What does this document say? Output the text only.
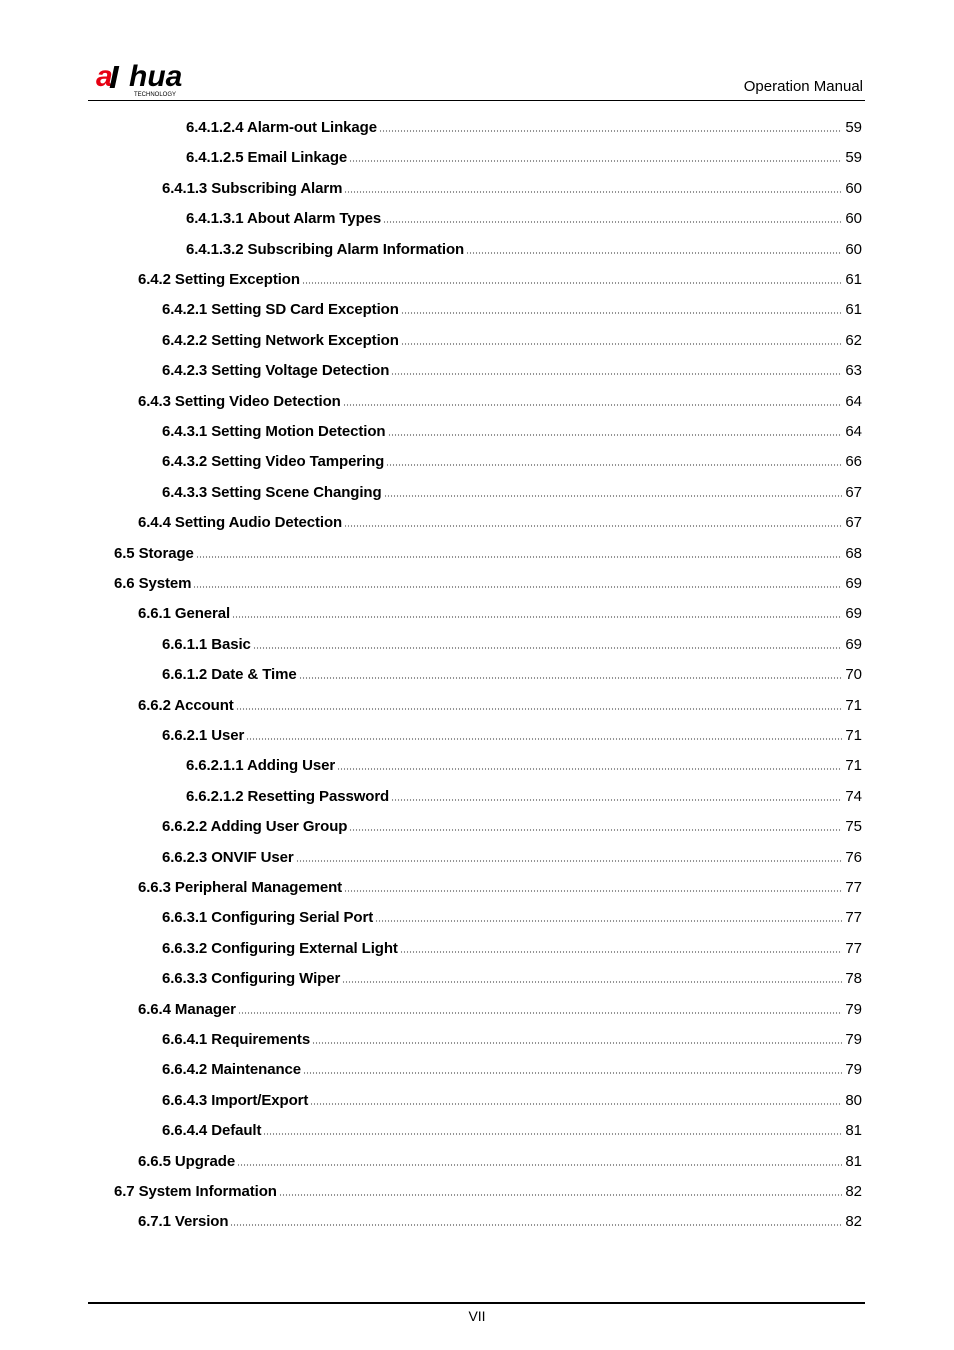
a hua
TECHNOLOGY	Operation Manual
6.4.1.2.4 Alarm-out Linkage	59
6.4.1.2.5 Email Linkage	59
6.4.1.3 Subscribing Alarm	60
6.4.1.3.1 About Alarm Types	60
6.4.1.3.2 Subscribing Alarm Information	60
6.4.2 Setting Exception	61
6.4.2.1 Setting SD Card Exception	61
6.4.2.2 Setting Network Exception	62
6.4.2.3 Setting Voltage Detection	63
6.4.3 Setting Video Detection	64
6.4.3.1 Setting Motion Detection	64
6.4.3.2 Setting Video Tampering	66
6.4.3.3 Setting Scene Changing	67
6.4.4 Setting Audio Detection	67
6.5 Storage	68
6.6 System	69
6.6.1 General	69
6.6.1.1 Basic	69
6.6.1.2 Date & Time	70
6.6.2 Account	71
6.6.2.1 User	71
6.6.2.1.1 Adding User	71
6.6.2.1.2 Resetting Password	74
6.6.2.2 Adding User Group	75
6.6.2.3 ONVIF User	76
6.6.3 Peripheral Management	77
6.6.3.1 Configuring Serial Port	77
6.6.3.2 Configuring External Light	77
6.6.3.3 Configuring Wiper	78
6.6.4 Manager	79
6.6.4.1 Requirements	79
6.6.4.2 Maintenance	79
6.6.4.3 Import/Export	80
6.6.4.4 Default	81
6.6.5 Upgrade	81
6.7 System Information	82
6.7.1 Version	82
VII
